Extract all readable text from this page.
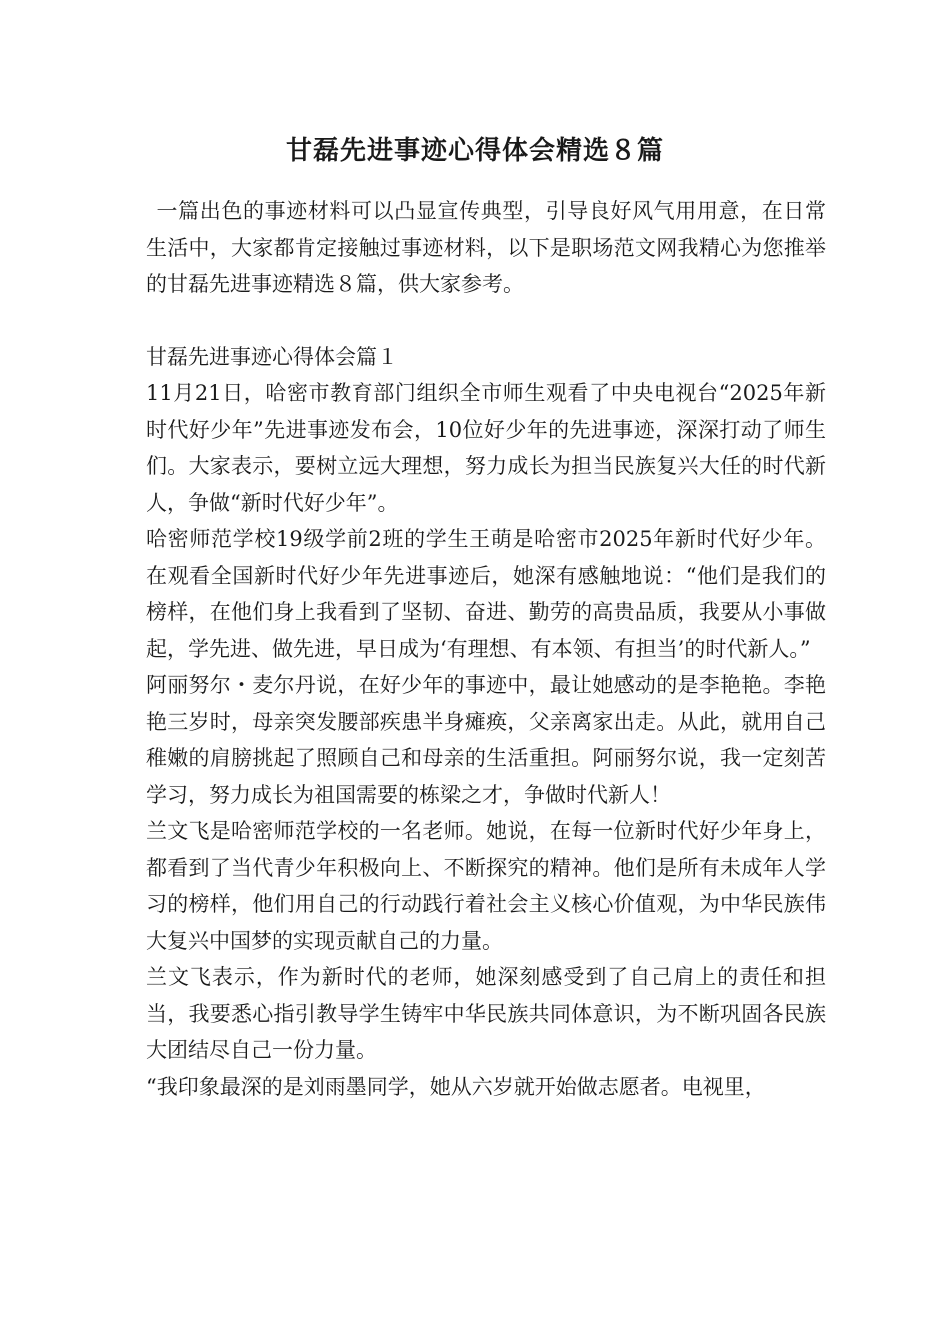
甘磊先进事迹心得体会精选８篇

一篇出色的事迹材料可以凸显宣传典型，引导良好风气用用意，在日常生活中，大家都肯定接触过事迹材料，以下是职场范文网我精心为您推举的甘磊先进事迹精选８篇，供大家参考。

甘磊先进事迹心得体会篇１

11月21日，哈密市教育部门组织全市师生观看了中央电视台“2025年新时代好少年”先进事迹发布会，10位好少年的先进事迹，深深打动了师生们。大家表示，要树立远大理想，努力成长为担当民族复兴大任的时代新人，争做“新时代好少年”。

哈密师范学校19级学前2班的学生王萌是哈密市2025年新时代好少年。在观看全国新时代好少年先进事迹后，她深有感触地说：“他们是我们的榜样，在他们身上我看到了坚韧、奋进、勤劳的高贵品质，我要从小事做起，学先进、做先进，早日成为‘有理想、有本领、有担当’的时代新人。”

阿丽努尔・麦尔丹说，在好少年的事迹中，最让她感动的是李艳艳。李艳艳三岁时，母亲突发腰部疾患半身瘫痪，父亲离家出走。从此，就用自己稚嫩的肩膀挑起了照顾自己和母亲的生活重担。阿丽努尔说，我一定刻苦学习，努力成长为祖国需要的栋梁之才，争做时代新人！

兰文飞是哈密师范学校的一名老师。她说，在每一位新时代好少年身上，都看到了当代青少年积极向上、不断探究的精神。他们是所有未成年人学习的榜样，他们用自己的行动践行着社会主义核心价值观，为中华民族伟大复兴中国梦的实现贡献自己的力量。

兰文飞表示，作为新时代的老师，她深刻感受到了自己肩上的责任和担当，我要悉心指引教导学生铸牢中华民族共同体意识，为不断巩固各民族大团结尽自己一份力量。

“我印象最深的是刘雨墨同学，她从六岁就开始做志愿者。电视里，
